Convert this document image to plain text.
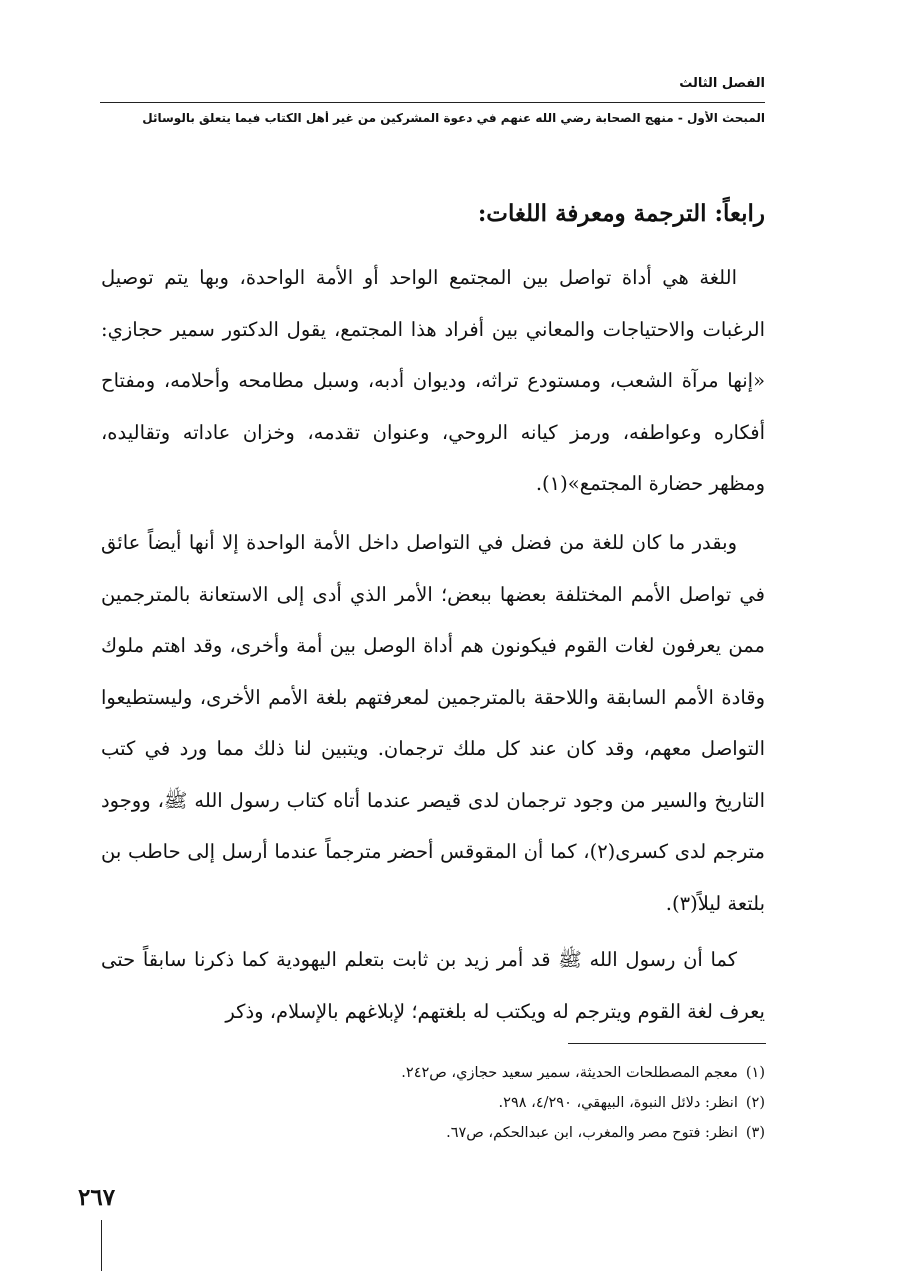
الفصل الثالث
المبحث الأول - منهج الصحابة رضي الله عنهم في دعوة المشركين من غير أهل الكتاب فيما يتعلق بالوسائل
رابعاً: الترجمة ومعرفة اللغات:

اللغة هي أداة تواصل بين المجتمع الواحد أو الأمة الواحدة، وبها يتم توصيل الرغبات والاحتياجات والمعاني بين أفراد هذا المجتمع، يقول الدكتور سمير حجازي: «إنها مرآة الشعب، ومستودع تراثه، وديوان أدبه، وسبل مطامحه وأحلامه، ومفتاح أفكاره وعواطفه، ورمز كيانه الروحي، وعنوان تقدمه، وخزان عاداته وتقاليده، ومظهر حضارة المجتمع»(١).

وبقدر ما كان للغة من فضل في التواصل داخل الأمة الواحدة إلا أنها أيضاً عائق في تواصل الأمم المختلفة بعضها ببعض؛ الأمر الذي أدى إلى الاستعانة بالمترجمين ممن يعرفون لغات القوم فيكونون هم أداة الوصل بين أمة وأخرى، وقد اهتم ملوك وقادة الأمم السابقة واللاحقة بالمترجمين لمعرفتهم بلغة الأمم الأخرى، وليستطيعوا التواصل معهم، وقد كان عند كل ملك ترجمان. ويتبين لنا ذلك مما ورد في كتب التاريخ والسير من وجود ترجمان لدى قيصر عندما أتاه كتاب رسول الله ﷺ، ووجود مترجم لدى كسرى(٢)، كما أن المقوقس أحضر مترجماً عندما أرسل إلى حاطب بن بلتعة ليلاً(٣).

كما أن رسول الله ﷺ قد أمر زيد بن ثابت بتعلم اليهودية كما ذكرنا سابقاً حتى يعرف لغة القوم ويترجم له ويكتب له بلغتهم؛ لإبلاغهم بالإسلام، وذكر

(١)معجم المصطلحات الحديثة، سمير سعيد حجازي، ص٢٤٢.
(٢)انظر: دلائل النبوة، البيهقي، ٤/٢٩٠، ٢٩٨.
(٣)انظر: فتوح مصر والمغرب، ابن عبدالحكم، ص٦٧.
٢٦٧
